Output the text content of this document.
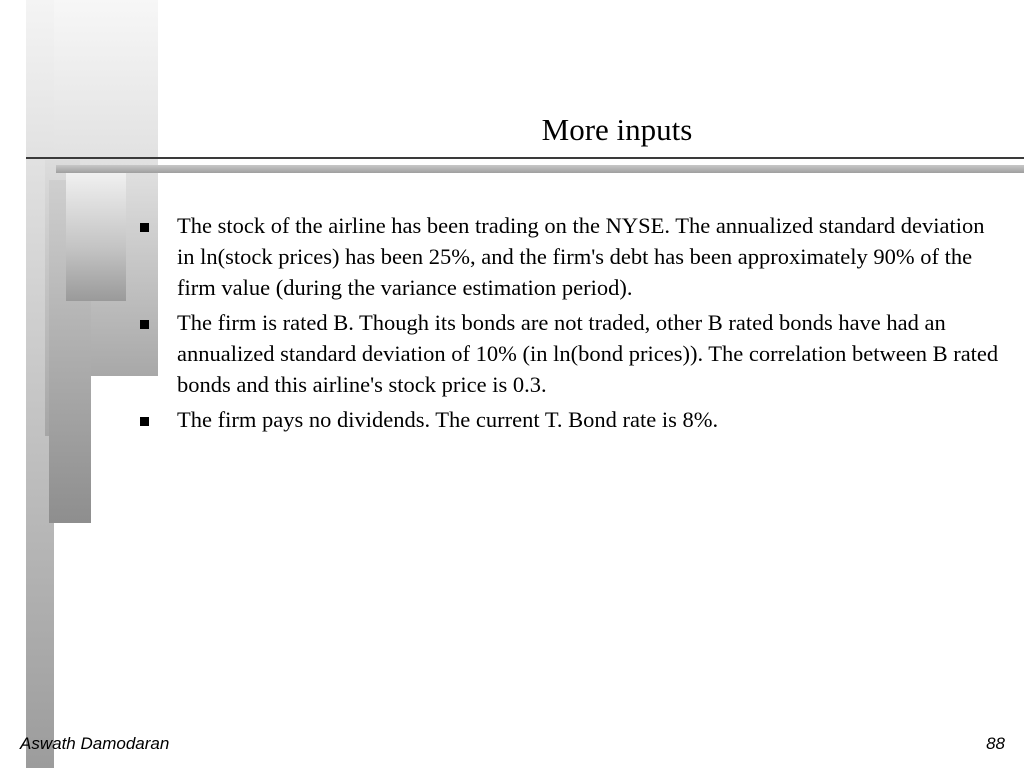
More inputs
The stock of the airline has been trading on the NYSE. The annualized standard deviation in ln(stock prices) has been 25%, and the firm's debt has been approximately 90% of the firm value (during the variance estimation period).
The firm is rated B. Though its bonds are not traded, other B rated bonds have had an annualized standard deviation of 10% (in ln(bond prices)). The correlation between B rated bonds and this airline's stock price is 0.3.
The firm pays no dividends. The current T. Bond rate is 8%.
Aswath Damodaran	88
